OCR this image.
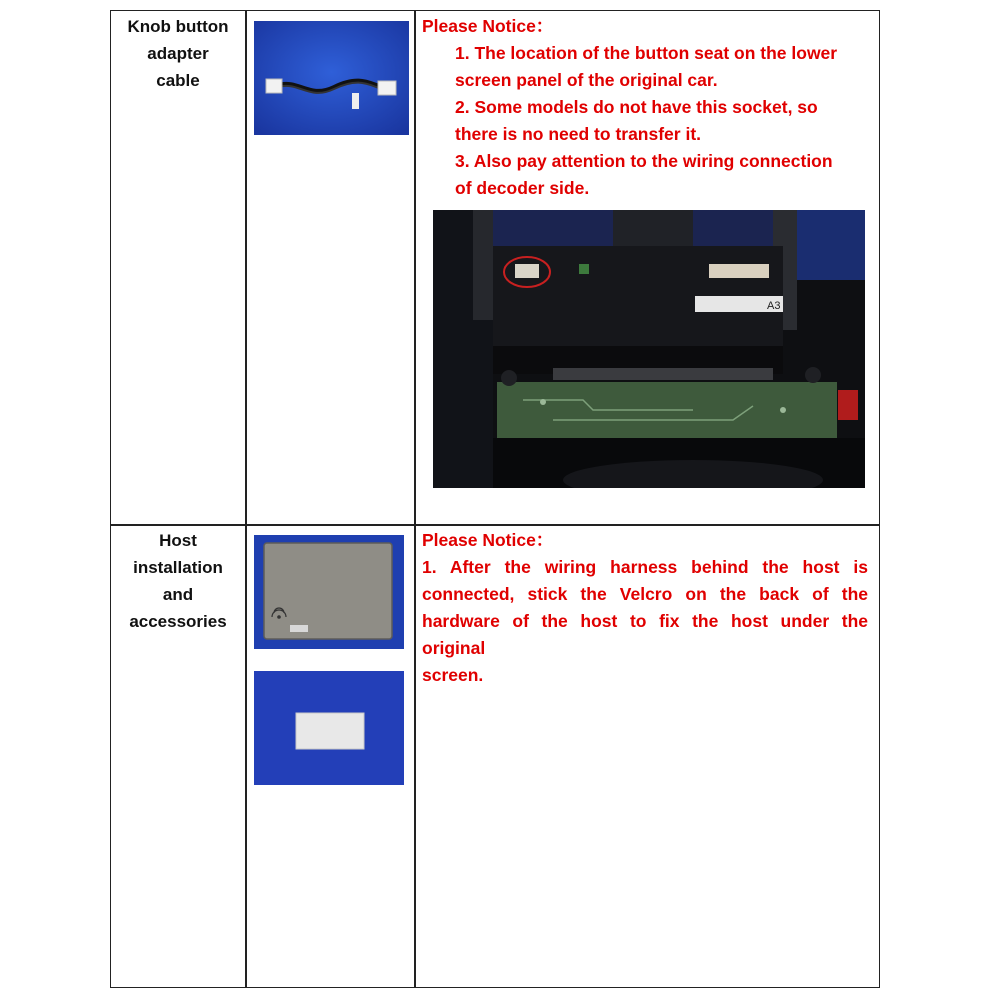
Knob button
adapter
cable
Please Notice：
1. The location of the button seat on the lower
screen panel of the original car.
2. Some models do not have this socket, so
there is no need to transfer it.
3. Also pay attention to the wiring connection
of decoder side.
A3
Host
installation
and
accessories
Please Notice：
1. After the wiring harness behind the host is
connected, stick the Velcro on the back of the
hardware of the host to fix the host under the
original
screen.
